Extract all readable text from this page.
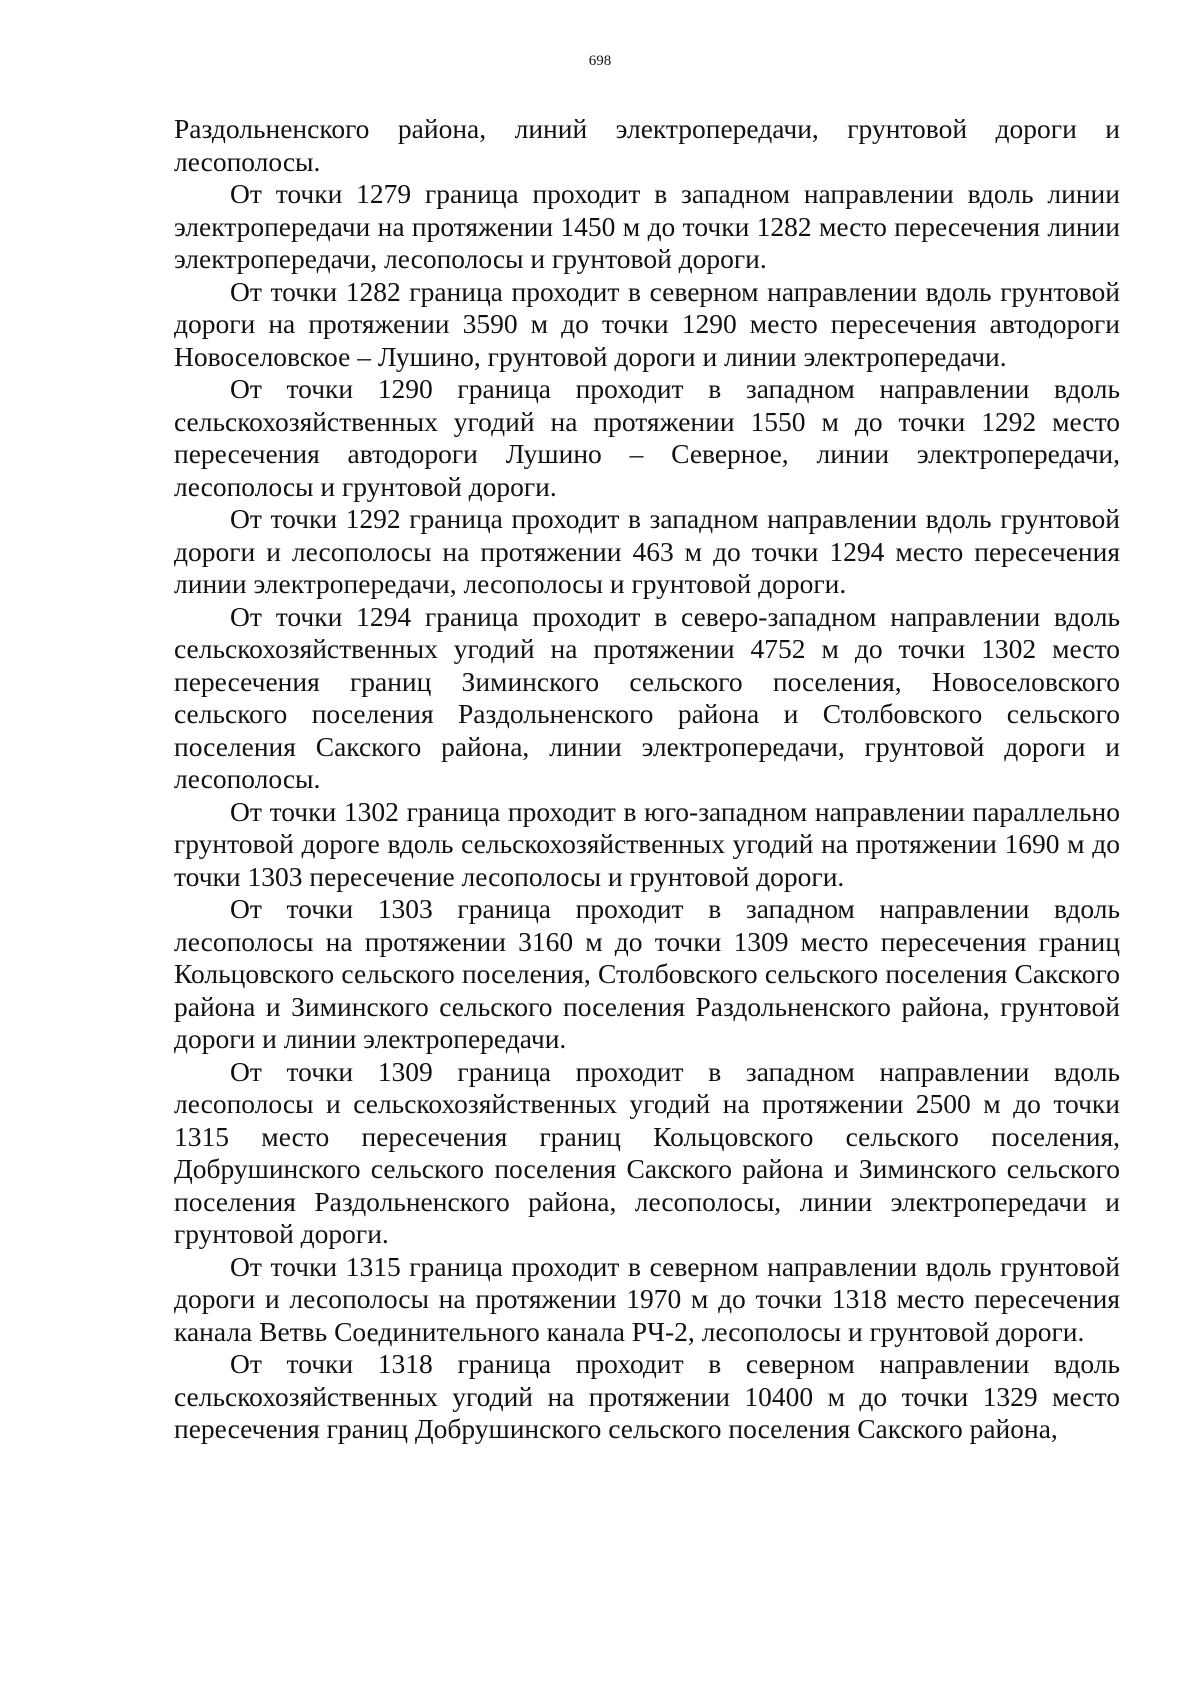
698

Раздольненского района, линий электропередачи, грунтовой дороги и лесополосы.

От точки 1279 граница проходит в западном направлении вдоль линии электропередачи на протяжении 1450 м до точки 1282 место пересечения линии электропередачи, лесополосы и грунтовой дороги.

От точки 1282 граница проходит в северном направлении вдоль грунтовой дороги на протяжении 3590 м до точки 1290 место пересечения автодороги Новоселовское – Лушино, грунтовой дороги и линии электропередачи.

От точки 1290 граница проходит в западном направлении вдоль сельскохозяйственных угодий на протяжении 1550 м до точки 1292 место пересечения автодороги Лушино – Северное, линии электропередачи, лесополосы и грунтовой дороги.

От точки 1292 граница проходит в западном направлении вдоль грунтовой дороги и лесополосы на протяжении 463 м до точки 1294 место пересечения линии электропередачи, лесополосы и грунтовой дороги.

От точки 1294 граница проходит в северо-западном направлении вдоль сельскохозяйственных угодий на протяжении 4752 м до точки 1302 место пересечения границ Зиминского сельского поселения, Новоселовского сельского поселения Раздольненского района и Столбовского сельского поселения Сакского района, линии электропередачи, грунтовой дороги и лесополосы.

От точки 1302 граница проходит в юго-западном направлении параллельно грунтовой дороге вдоль сельскохозяйственных угодий на протяжении 1690 м до точки 1303 пересечение лесополосы и грунтовой дороги.

От точки 1303 граница проходит в западном направлении вдоль лесополосы на протяжении 3160 м до точки 1309 место пересечения границ Кольцовского сельского поселения, Столбовского сельского поселения Сакского района и Зиминского сельского поселения Раздольненского района, грунтовой дороги и линии электропередачи.

От точки 1309 граница проходит в западном направлении вдоль лесополосы и сельскохозяйственных угодий на протяжении 2500 м до точки 1315 место пересечения границ Кольцовского сельского поселения, Добрушинского сельского поселения Сакского района и Зиминского сельского поселения Раздольненского района, лесополосы, линии электропередачи и грунтовой дороги.

От точки 1315 граница проходит в северном направлении вдоль грунтовой дороги и лесополосы на протяжении 1970 м до точки 1318 место пересечения канала Ветвь Соединительного канала РЧ-2, лесополосы и грунтовой дороги.

От точки 1318 граница проходит в северном направлении вдоль сельскохозяйственных угодий на протяжении 10400 м до точки 1329 место пересечения границ Добрушинского сельского поселения Сакского района,
